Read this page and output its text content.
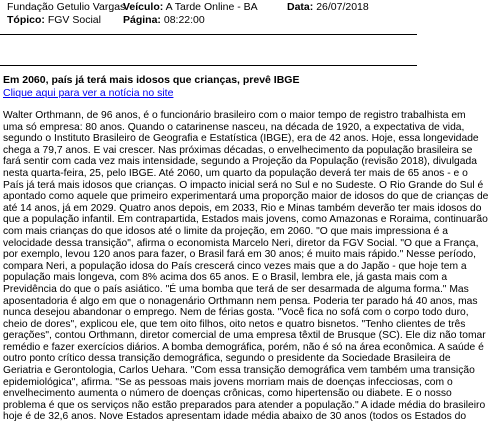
Fundação Getulio Vargas
Veículo: A Tarde Online - BA	Data: 26/07/2018
Tópico: FGV Social Página: 08:22:00
Em 2060, país já terá mais idosos que crianças, prevê IBGE
Clique aqui para ver a notícia no site
Walter Orthmann, de 96 anos, é o funcionário brasileiro com o maior tempo de registro trabalhista em
uma só empresa: 80 anos. Quando o catarinense nasceu, na década de 1920, a expectativa de vida,
segundo o Instituto Brasileiro de Geografia e Estatística (IBGE), era de 42 anos. Hoje, essa longevidade
chega a 79,7 anos. E vai crescer. Nas próximas décadas, o envelhecimento da população brasileira se
fará sentir com cada vez mais intensidade, segundo a Projeção da População (revisão 2018), divulgada
nesta quarta-feira, 25, pelo IBGE. Até 2060, um quarto da população deverá ter mais de 65 anos - e o
País já terá mais idosos que crianças. O impacto inicial será no Sul e no Sudeste. O Rio Grande do Sul é
apontado como aquele que primeiro experimentará uma proporção maior de idosos do que de crianças de
até 14 anos, já em 2029. Quatro anos depois, em 2033, Rio e Minas também deverão ter mais idosos do
que a população infantil. Em contrapartida, Estados mais jovens, como Amazonas e Roraima, continuarão
com mais crianças do que idosos até o limite da projeção, em 2060. "O que mais impressiona é a
velocidade dessa transição", afirma o economista Marcelo Neri, diretor da FGV Social. "O que a França,
por exemplo, levou 120 anos para fazer, o Brasil fará em 30 anos; é muito mais rápido." Nesse período,
compara Neri, a população idosa do País crescerá cinco vezes mais que a do Japão - que hoje tem a
população mais longeva, com 8% acima dos 65 anos. E o Brasil, lembra ele, já gasta mais com a
Previdência do que o país asiático. "É uma bomba que terá de ser desarmada de alguma forma." Mas
aposentadoria é algo em que o nonagenário Orthmann nem pensa. Poderia ter parado há 40 anos, mas
nunca desejou abandonar o emprego. Nem de férias gosta. "Você fica no sofá com o corpo todo duro,
cheio de dores", explicou ele, que tem oito filhos, oito netos e quatro bisnetos. "Tenho clientes de três
gerações", contou Orthmann, diretor comercial de uma empresa têxtil de Brusque (SC). Ele diz não tomar
remédio e fazer exercícios diários. A bomba demográfica, porém, não é só na área econômica. A saúde é
outro ponto crítico dessa transição demográfica, segundo o presidente da Sociedade Brasileira de
Geriatria e Gerontologia, Carlos Uehara. "Com essa transição demográfica vem também uma transição
epidemiológica", afirma. "Se as pessoas mais jovens morriam mais de doenças infecciosas, com o
envelhecimento aumenta o número de doenças crônicas, como hipertensão ou diabete. E o nosso
problema é que os serviços não estão preparados para atender a população." A idade média do brasileiro
hoje é de 32,6 anos. Nove Estados apresentam idade média abaixo de 30 anos (todos os Estados do
